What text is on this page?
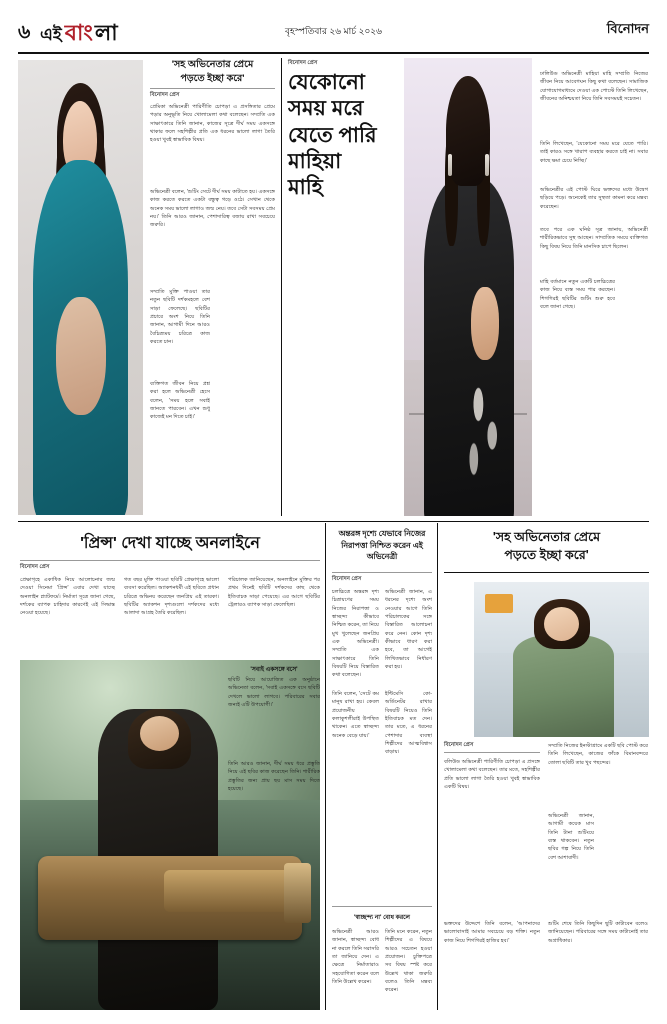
৬ এই বাং লা	বৃহস্পতিবার ২৬ মার্চ ২০২৬	বিনোদন
'সহ অভিনেতার প্রেমে
পড়তে ইচ্ছা করে'
বিনোদন প্রেস
প্রেমিকা অভিনেত্রী পারিণীতি চোপড়া এ প্রসঙ্গিতার প্রেমে পড়ার অনুভূতি নিয়ে খোলামেলা কথা বলেছেন। সম্প্রতি এক সাক্ষাৎকারে তিনি জানান, কাজের সূত্রে দীর্ঘ সময় একসঙ্গে থাকার ফলে সহশিল্পীর প্রতি এক ধরনের ভালো লাগা তৈরি হওয়া খুবই স্বাভাবিক বিষয়।
অভিনেত্রী বলেন, 'শুটিং সেটে দীর্ঘ সময় কাটাতে হয়। একসঙ্গে কাজ করতে করতে একটা বন্ধুত্ব গড়ে ওঠে। সেখান থেকে অনেক সময় ভালো লাগাও জন্ম নেয়। তবে সেটা সবসময় প্রেম নয়।' তিনি আরও জানান, পেশাদারিত্ব বজায় রাখা সবচেয়ে জরুরি।
সম্প্রতি মুক্তি পাওয়া তার নতুন ছবিটি দর্শকমহলে বেশ সাড়া ফেলেছে। ছবিটির প্রচারে অংশ নিয়ে তিনি জানান, আগামী দিনে আরও বৈচিত্র্যময় চরিত্রে কাজ করতে চান।
ব্যক্তিগত জীবন নিয়ে প্রশ্ন করা হলে অভিনেত্রী হেসে বলেন, 'সময় হলে সবাই জানতে পারবেন। এখন শুধু কাজেই মন দিতে চাই।'
বিনোদন প্রেস
যেকোনো
সময় মরে
যেতে পারি
মাহিয়া
মাহি
ঢালিউড অভিনেত্রী মাহিয়া মাহি সম্প্রতি নিজের জীবন নিয়ে আবেগঘন কিছু কথা বলেছেন। সামাজিক যোগাযোগমাধ্যমে দেওয়া এক পোস্টে তিনি লিখেছেন, জীবনের অনিশ্চয়তা নিয়ে তিনি সবসময়ই সচেতন।
তিনি লিখেছেন, 'যেকোনো সময় মরে যেতে পারি। তাই কারও সঙ্গে খারাপ ব্যবহার করতে চাই না। সবার কাছে ক্ষমা চেয়ে নিচ্ছি।'
অভিনেত্রীর এই পোস্ট ঘিরে ভক্তদের মধ্যে উদ্বেগ ছড়িয়ে পড়ে। অনেকেই তার সুস্থতা কামনা করে মন্তব্য করেছেন।
তবে পরে এক ঘনিষ্ঠ সূত্র জানায়, অভিনেত্রী শারীরিকভাবে সুস্থ আছেন। সাম্প্রতিক সময়ে ব্যক্তিগত কিছু বিষয় নিয়ে তিনি মানসিক চাপে ছিলেন।
মাহি বর্তমানে নতুন একটি চলচ্চিত্রের কাজ নিয়ে ব্যস্ত সময় পার করছেন। শিগগিরই ছবিটির শুটিং শুরু হবে বলে জানা গেছে।
'প্রিন্স' দেখা যাচ্ছে অনলাইনে
বিনোদন প্রেস
প্রেক্ষাগৃহে একাধিক নিয়ে আলোচনার জন্ম দেওয়া সিনেমা 'প্রিন্স' এবার দেখা যাচ্ছে অনলাইন প্ল্যাটফর্মে। নির্মাতা সূত্রে জানা গেছে, দর্শকের ব্যাপক চাহিদার কারণেই এই সিদ্ধান্ত নেওয়া হয়েছে।
গত বছর মুক্তি পাওয়া ছবিটি প্রেক্ষাগৃহে ভালো ব্যবসা করেছিল। অ্যাকশনধর্মী এই ছবিতে প্রধান চরিত্রে অভিনয় করেছেন জনপ্রিয় এই তারকা। ছবিটির অ্যাকশন দৃশ্যগুলো দর্শকদের মধ্যে আলাদা আগ্রহ তৈরি করেছিল।
পরিচালক জানিয়েছেন, অনলাইনে মুক্তির পর প্রথম দিনেই ছবিটি দর্শকদের কাছ থেকে ইতিবাচক সাড়া পেয়েছে। এর আগে ছবিটির ট্রেলারও ব্যাপক সাড়া ফেলেছিল।
'সবাই একসঙ্গে বসে'
ছবিটি নিয়ে আয়োজিত এক অনুষ্ঠানে অভিনেতা বলেন, 'সবাই একসঙ্গে বসে ছবিটি দেখলে ভালো লাগবে। পরিবারের সবার জন্যই এটি উপযোগী।'
তিনি আরও জানান, দীর্ঘ সময় ধরে প্রস্তুতি নিয়ে এই ছবির কাজ করেছেন তিনি। শারীরিক প্রস্তুতির জন্য প্রায় ছয় মাস সময় দিতে হয়েছে।
অন্তরঙ্গ দৃশ্যে যেভাবে নিজের নিরাপত্তা নিশ্চিত করেন এই অভিনেত্রী
বিনোদন প্রেস
চলচ্চিত্রে অন্তরঙ্গ দৃশ্য চিত্রায়ণের সময় নিজের নিরাপত্তা ও স্বাচ্ছন্দ্য কীভাবে নিশ্চিত করেন, তা নিয়ে মুখ খুলেছেন জনপ্রিয় এক অভিনেত্রী। সম্প্রতি এক সাক্ষাৎকারে তিনি বিষয়টি নিয়ে বিস্তারিত কথা বলেছেন।
অভিনেত্রী জানান, এ ধরনের দৃশ্যে অংশ নেওয়ার আগে তিনি পরিচালকের সঙ্গে বিস্তারিত আলোচনা করে নেন। কোন দৃশ্য কীভাবে ধারণ করা হবে, তা আগেই লিখিতভাবে নির্ধারণ করা হয়।
তিনি বলেন, 'সেটে কম মানুষ রাখা হয়। কেবল প্রয়োজনীয় কলাকুশলীরাই উপস্থিত থাকেন। এতে স্বাচ্ছন্দ্য অনেক বেড়ে যায়।'
ইন্টিমেসি কো-অর্ডিনেটর রাখার বিষয়টি নিয়েও তিনি ইতিবাচক মত দেন। তার মতে, এ ধরনের পেশাদার ব্যবস্থা শিল্পীদের আত্মবিশ্বাস বাড়ায়।
'স্বাচ্ছন্দ্য না' বোধ করলে
অভিনেত্রী আরও জানান, স্বাচ্ছন্দ্য বোধ না করলে তিনি সরাসরি তা জানিয়ে দেন। এ ক্ষেত্রে নির্মাতারাও সহযোগিতা করেন বলে তিনি উল্লেখ করেন।
তিনি মনে করেন, নতুন শিল্পীদের এ বিষয়ে আরও সচেতন হওয়া প্রয়োজন। চুক্তিপত্রে সব বিষয় স্পষ্ট করে উল্লেখ থাকা জরুরি বলেও তিনি মন্তব্য করেন।
'সহ অভিনেতার প্রেমে
পড়তে ইচ্ছা করে'
বিনোদন প্রেস
বলিউড অভিনেত্রী পারিণীতি চোপড়া এ প্রসঙ্গে খোলামেলা কথা বলেছেন। তার মতে, সহশিল্পীর প্রতি ভালো লাগা তৈরি হওয়া খুবই স্বাভাবিক একটি বিষয়।
সম্প্রতি নিজের ইনস্টাগ্রামে একটি ছবি পোস্ট করে তিনি লিখেছেন, কাজের ফাঁকে বিমানবন্দরে তোলা ছবিটি তার খুব পছন্দের।
অভিনেত্রী জানান, আগামী কয়েক মাস তিনি টানা শুটিংয়ে ব্যস্ত থাকবেন। নতুন ছবির গল্প নিয়ে তিনি বেশ আশাবাদী।
ভক্তদের উদ্দেশে তিনি বলেন, 'আপনাদের ভালোবাসাই আমার সবচেয়ে বড় শক্তি। নতুন কাজ নিয়ে শিগগিরই হাজির হব।'
শুটিং শেষে তিনি কিছুদিন ছুটি কাটাবেন বলেও জানিয়েছেন। পরিবারের সঙ্গে সময় কাটানোই তার অগ্রাধিকার।
